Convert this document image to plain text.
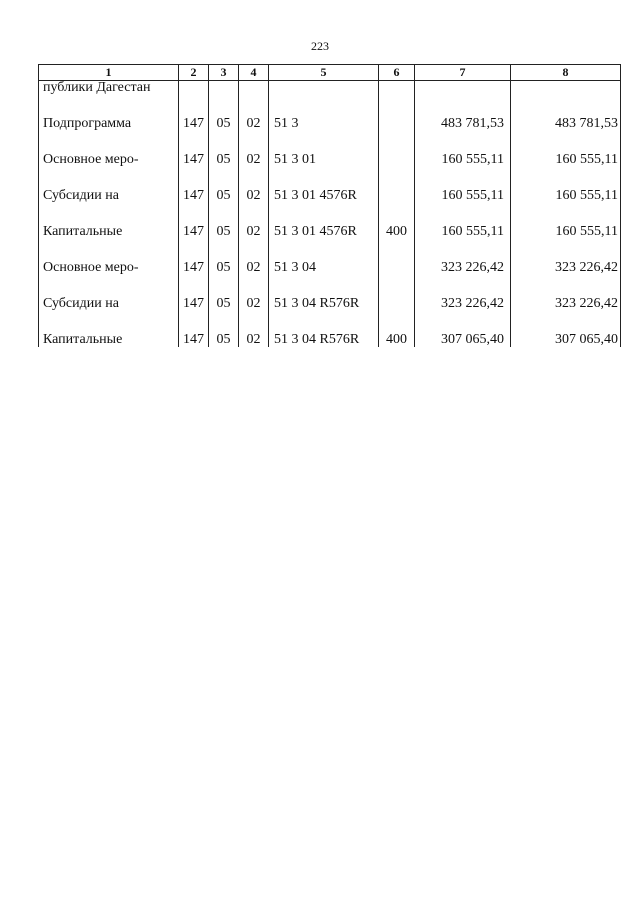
223
1	2	3	4	5	6	7	8
публики Дагестан							
Подпрограмма	147	05	02	51 3		483 781,53	483 781,53
Основное меро-	147	05	02	51 3 01		160 555,11	160 555,11
Субсидии на	147	05	02	51 3 01 4576R		160 555,11	160 555,11
Капитальные	147	05	02	51 3 01 4576R	400	160 555,11	160 555,11
Основное меро-	147	05	02	51 3 04		323 226,42	323 226,42
Субсидии на	147	05	02	51 3 04 R576R		323 226,42	323 226,42
Капитальные	147	05	02	51 3 04 R576R	400	307 065,40	307 065,40
